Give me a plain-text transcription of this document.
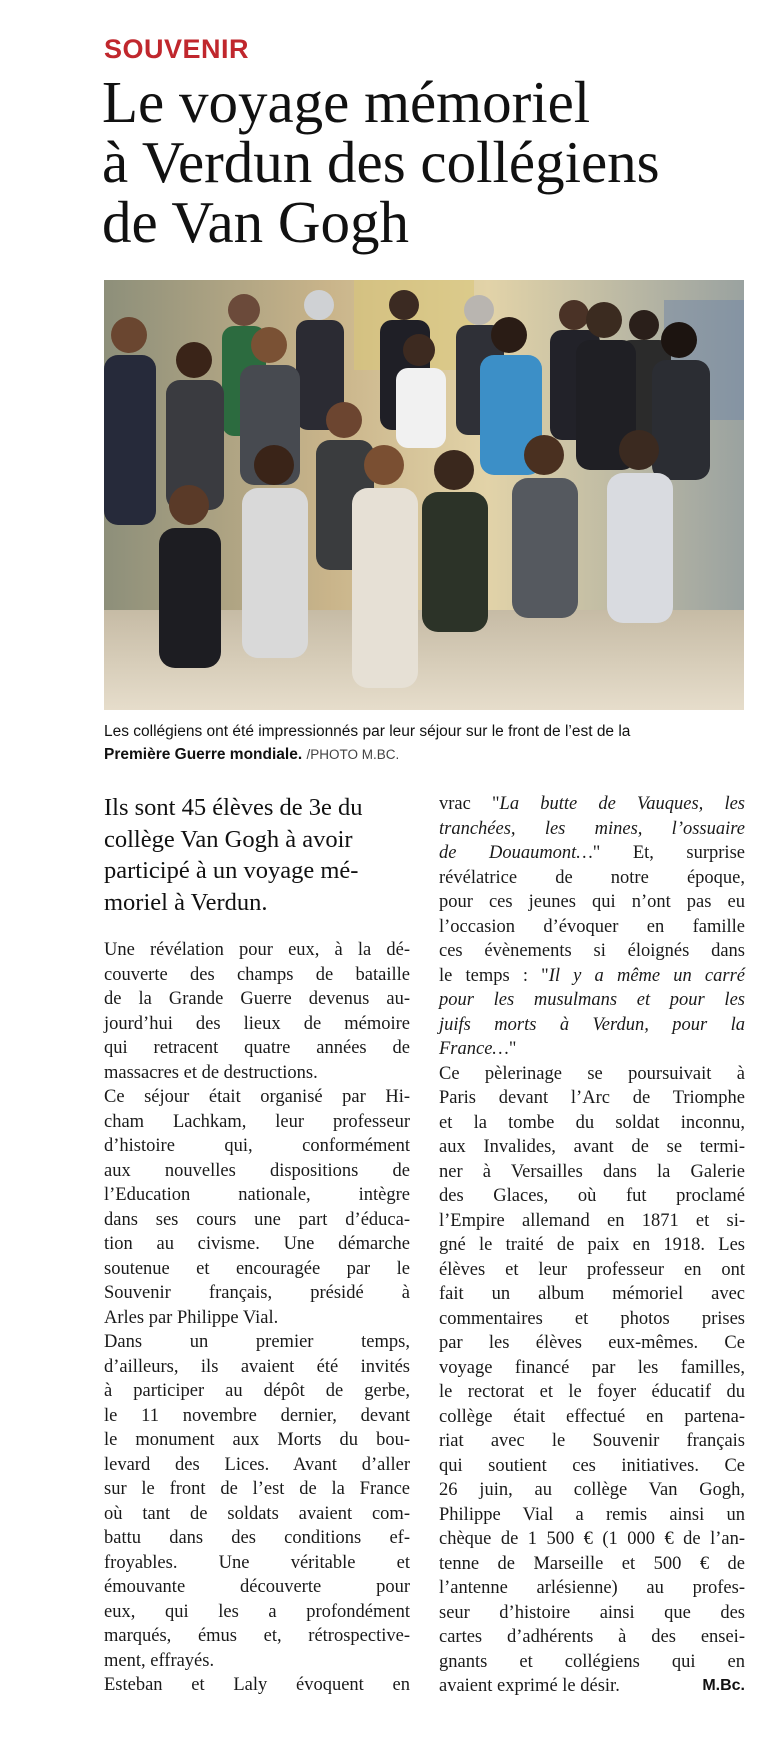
SOUVENIR
Le voyage mémoriel
à Verdun des collégiens
de Van Gogh
Les collégiens ont été impressionnés par leur séjour sur le front de l’est de la
Première Guerre mondiale. /PHOTO M.BC.

Ils sont 45 élèves de 3e du
collège Van Gogh à avoir
participé à un voyage mé-
moriel à Verdun.

Une révélation pour eux, à la dé-
couverte des champs de bataille
de la Grande Guerre devenus au-
jourd’hui des lieux de mémoire
qui retracent quatre années de
massacres et de destructions.
Ce séjour était organisé par Hi-
cham Lachkam, leur professeur
d’histoire qui, conformément
aux nouvelles dispositions de
l’Education nationale, intègre
dans ses cours une part d’éduca-
tion au civisme. Une démarche
soutenue et encouragée par le
Souvenir français, présidé à
Arles par Philippe Vial.
Dans un premier temps,
d’ailleurs, ils avaient été invités
à participer au dépôt de gerbe,
le 11 novembre dernier, devant
le monument aux Morts du bou-
levard des Lices. Avant d’aller
sur le front de l’est de la France
où tant de soldats avaient com-
battu dans des conditions ef-
froyables. Une véritable et
émouvante découverte pour
eux, qui les a profondément
marqués, émus et, rétrospective-
ment, effrayés.
Esteban et Laly évoquent en
vrac "La butte de Vauques, les
tranchées, les mines, l’ossuaire
de Douaumont…" Et, surprise
révélatrice de notre époque,
pour ces jeunes qui n’ont pas eu
l’occasion d’évoquer en famille
ces évènements si éloignés dans
le temps : "Il y a même un carré
pour les musulmans et pour les
juifs morts à Verdun, pour la
France…"
Ce pèlerinage se poursuivait à
Paris devant l’Arc de Triomphe
et la tombe du soldat inconnu,
aux Invalides, avant de se termi-
ner à Versailles dans la Galerie
des Glaces, où fut proclamé
l’Empire allemand en 1871 et si-
gné le traité de paix en 1918. Les
élèves et leur professeur en ont
fait un album mémoriel avec
commentaires et photos prises
par les élèves eux-mêmes. Ce
voyage financé par les familles,
le rectorat et le foyer éducatif du
collège était effectué en partena-
riat avec le Souvenir français
qui soutient ces initiatives. Ce
26 juin, au collège Van Gogh,
Philippe Vial a remis ainsi un
chèque de 1 500 € (1 000 € de l’an-
tenne de Marseille et 500 € de
l’antenne arlésienne) au profes-
seur d’histoire ainsi que des
cartes d’adhérents à des ensei-
gnants et collégiens qui en
avaient exprimé le désir.	M.Bc.
